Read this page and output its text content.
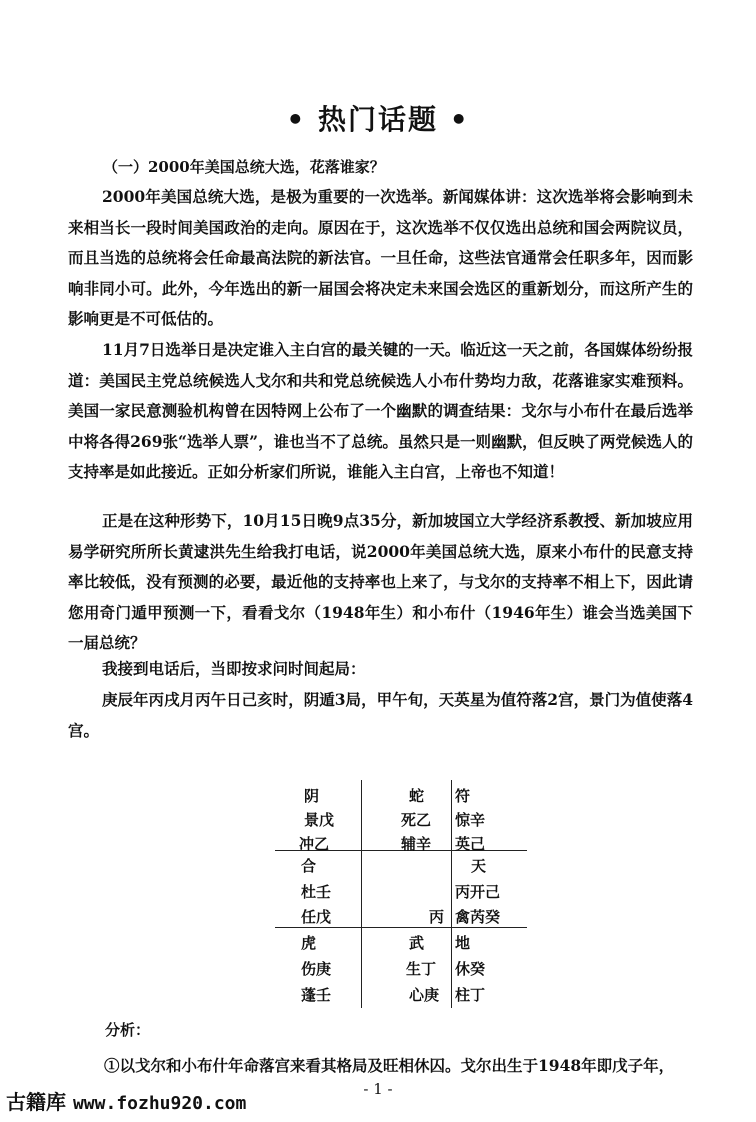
• 热门话题 •
（一）2000年美国总统大选，花落谁家？

2000年美国总统大选，是极为重要的一次选举。新闻媒体讲：这次选举将会影响到未来相当长一段时间美国政治的走向。原因在于，这次选举不仅仅选出总统和国会两院议员，而且当选的总统将会任命最高法院的新法官。一旦任命，这些法官通常会任职多年，因而影响非同小可。此外，今年选出的新一届国会将决定未来国会选区的重新划分，而这所产生的影响更是不可低估的。

11月7日选举日是决定谁入主白宫的最关键的一天。临近这一天之前，各国媒体纷纷报道：美国民主党总统候选人戈尔和共和党总统候选人小布什势均力敌，花落谁家实难预料。美国一家民意测验机构曾在因特网上公布了一个幽默的调查结果：戈尔与小布什在最后选举中将各得269张“选举人票”，谁也当不了总统。虽然只是一则幽默，但反映了两党候选人的支持率是如此接近。正如分析家们所说，谁能入主白宫，上帝也不知道！

正是在这种形势下，10月15日晚9点35分，新加坡国立大学经济系教授、新加坡应用易学研究所所长黄逮洪先生给我打电话，说2000年美国总统大选，原来小布什的民意支持率比较低，没有预测的必要，最近他的支持率也上来了，与戈尔的支持率不相上下，因此请您用奇门遁甲预测一下，看看戈尔（1948年生）和小布什（1946年生）谁会当选美国下一届总统？

我接到电话后，当即按求问时间起局：

庚辰年丙戌月丙午日己亥时，阴遁3局，甲午旬，天英星为值符落2宫，景门为值使落4宫。

阴
景戊
冲乙
蛇
死乙
辅辛
符
惊辛
英己
合
杜壬
任戊	丙
天
丙开己
禽芮癸
虎
伤庚
蓬壬
武
生丁
心庚
地
休癸
柱丁
分析：
①以戈尔和小布什年命落宫来看其格局及旺相休囚。戈尔出生于1948年即戊子年，
- 1 -
古籍库 www.fozhu920.com
